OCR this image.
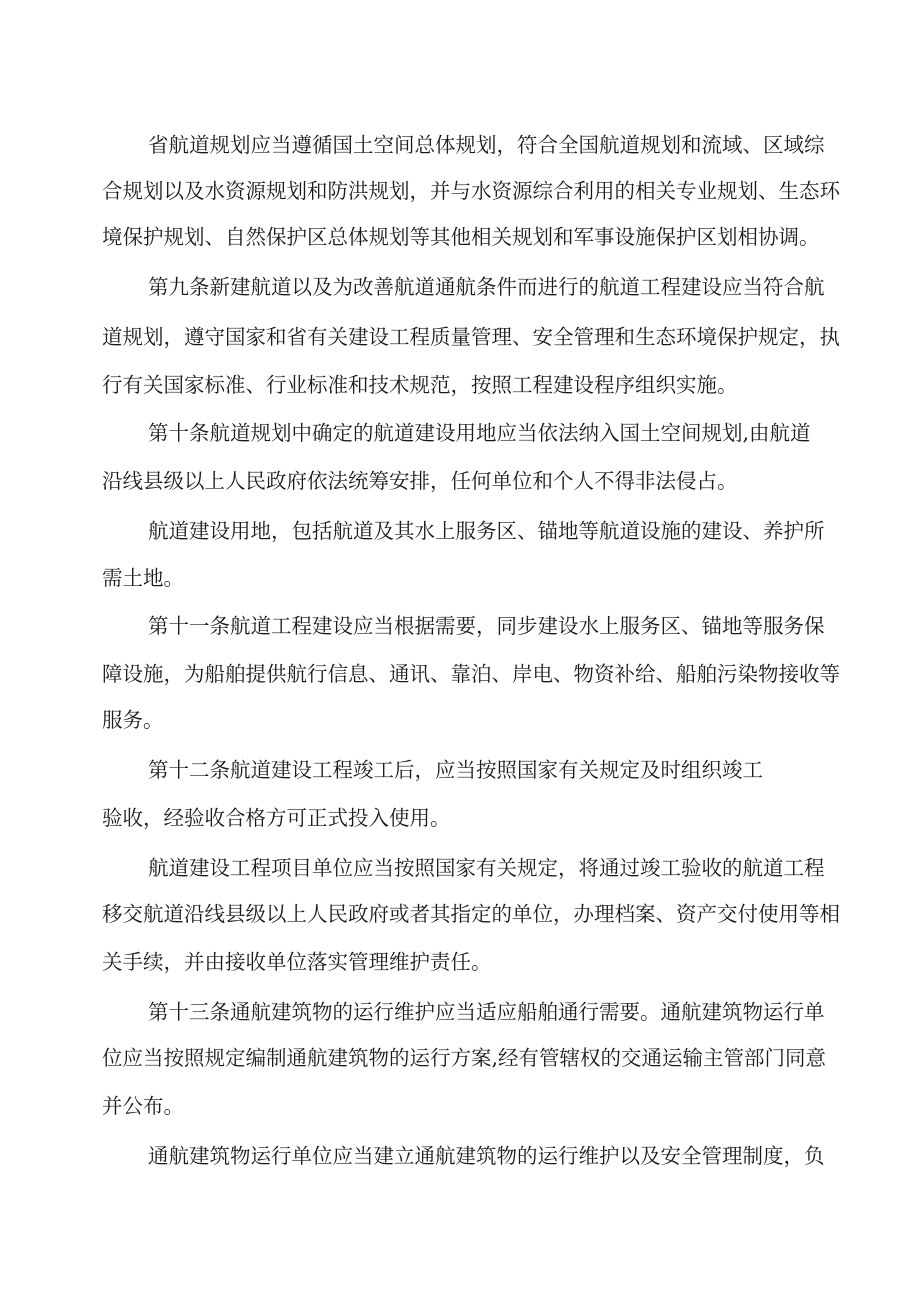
省航道规划应当遵循国土空间总体规划，符合全国航道规划和流域、区域综

合规划以及水资源规划和防洪规划，并与水资源综合利用的相关专业规划、生态环

境保护规划、自然保护区总体规划等其他相关规划和军事设施保护区划相协调。

第九条新建航道以及为改善航道通航条件而进行的航道工程建设应当符合航

道规划，遵守国家和省有关建设工程质量管理、安全管理和生态环境保护规定，执

行有关国家标准、行业标准和技术规范，按照工程建设程序组织实施。

第十条航道规划中确定的航道建设用地应当依法纳入国土空间规划,由航道

沿线县级以上人民政府依法统筹安排，任何单位和个人不得非法侵占。

航道建设用地，包括航道及其水上服务区、锚地等航道设施的建设、养护所

需土地。

第十一条航道工程建设应当根据需要，同步建设水上服务区、锚地等服务保

障设施，为船舶提供航行信息、通讯、靠泊、岸电、物资补给、船舶污染物接收等

服务。

第十二条航道建设工程竣工后，应当按照国家有关规定及时组织竣工

验收，经验收合格方可正式投入使用。

航道建设工程项目单位应当按照国家有关规定，将通过竣工验收的航道工程

移交航道沿线县级以上人民政府或者其指定的单位，办理档案、资产交付使用等相

关手续，并由接收单位落实管理维护责任。

第十三条通航建筑物的运行维护应当适应船舶通行需要。通航建筑物运行单

位应当按照规定编制通航建筑物的运行方案,经有管辖权的交通运输主管部门同意

并公布。

通航建筑物运行单位应当建立通航建筑物的运行维护以及安全管理制度，负
